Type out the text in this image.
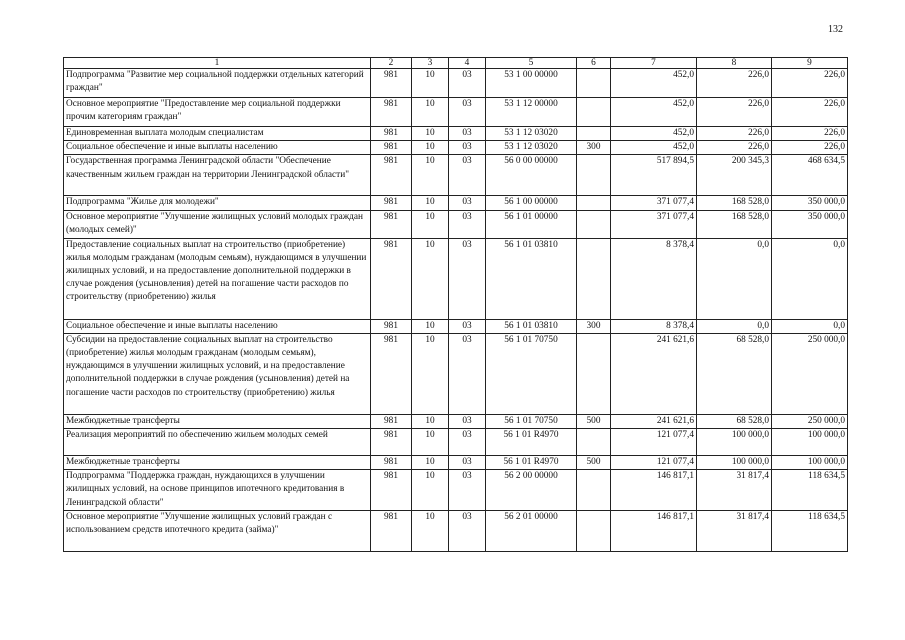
132
1	2	3	4	5	6	7	8	9
Подпрограмма "Развитие мер социальной поддержки отдельных категорий граждан"	981	10	03	53 1 00 00000		452,0	226,0	226,0
Основное мероприятие "Предоставление мер социальной поддержки прочим категориям граждан"	981	10	03	53 1 12 00000		452,0	226,0	226,0
Единовременная выплата молодым специалистам	981	10	03	53 1 12 03020		452,0	226,0	226,0
Социальное обеспечение и иные выплаты населению	981	10	03	53 1 12 03020	300	452,0	226,0	226,0
Государственная программа Ленинградской области "Обеспечение качественным жильем граждан на территории Ленинградской области"	981	10	03	56 0 00 00000		517 894,5	200 345,3	468 634,5
Подпрограмма "Жилье для молодежи"	981	10	03	56 1 00 00000		371 077,4	168 528,0	350 000,0
Основное мероприятие "Улучшение жилищных условий молодых граждан (молодых семей)"	981	10	03	56 1 01 00000		371 077,4	168 528,0	350 000,0
Предоставление социальных выплат на строительство (приобретение) жилья молодым гражданам (молодым семьям), нуждающимся в улучшении жилищных условий, и на предоставление дополнительной поддержки в случае рождения (усыновления) детей на погашение части расходов по строительству (приобретению) жилья	981	10	03	56 1 01 03810		8 378,4	0,0	0,0
Социальное обеспечение и иные выплаты населению	981	10	03	56 1 01 03810	300	8 378,4	0,0	0,0
Субсидии на предоставление социальных выплат на строительство (приобретение) жилья молодым гражданам (молодым семьям), нуждающимся в улучшении жилищных условий, и на предоставление дополнительной поддержки в случае рождения (усыновления) детей на погашение части расходов по строительству (приобретению) жилья	981	10	03	56 1 01 70750		241 621,6	68 528,0	250 000,0
Межбюджетные трансферты	981	10	03	56 1 01 70750	500	241 621,6	68 528,0	250 000,0
Реализация мероприятий по обеспечению жильем молодых семей	981	10	03	56 1 01 R4970		121 077,4	100 000,0	100 000,0
Межбюджетные трансферты	981	10	03	56 1 01 R4970	500	121 077,4	100 000,0	100 000,0
Подпрограмма "Поддержка граждан, нуждающихся в улучшении жилищных условий, на основе принципов ипотечного кредитования в Ленинградской области"	981	10	03	56 2 00 00000		146 817,1	31 817,4	118 634,5
Основное мероприятие "Улучшение жилищных условий граждан с использованием средств ипотечного кредита (займа)"	981	10	03	56 2 01 00000		146 817,1	31 817,4	118 634,5
